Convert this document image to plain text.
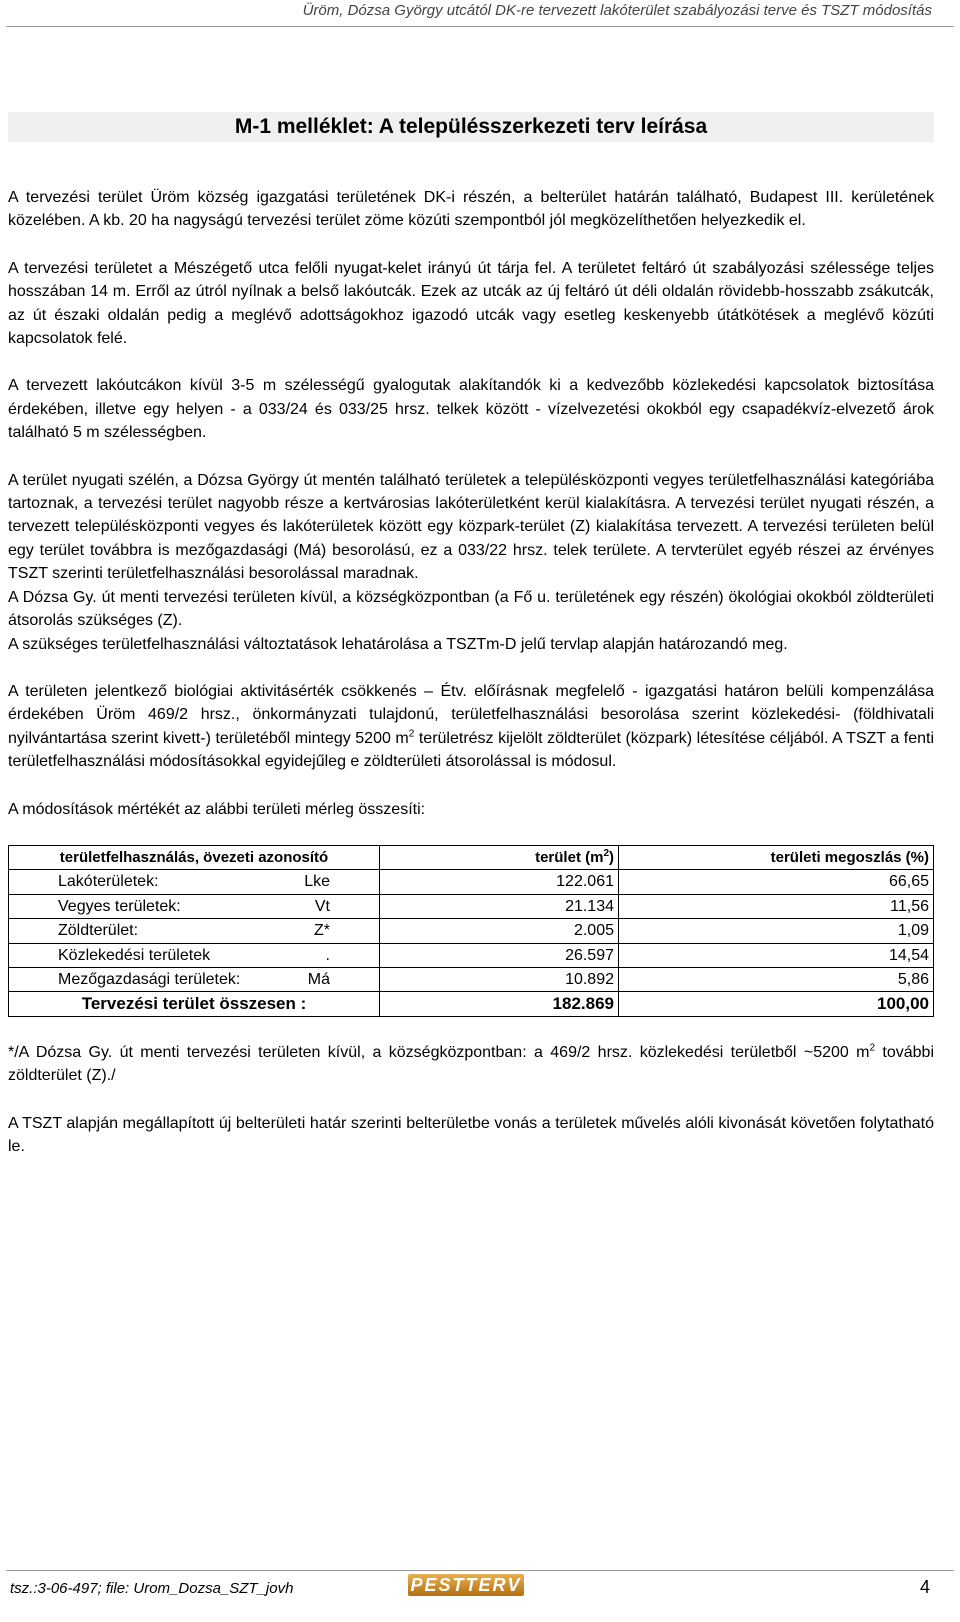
Üröm, Dózsa György utcától DK-re tervezett lakóterület szabályozási terve és TSZT módosítás
M-1 melléklet: A településszerkezeti terv leírása

A tervezési terület Üröm község igazgatási területének DK-i részén, a belterület határán található, Budapest III. kerületének közelében. A kb. 20 ha nagyságú tervezési terület zöme közúti szempontból jól megközelíthetően helyezkedik el.

A tervezési területet a Mészégető utca felőli nyugat-kelet irányú út tárja fel. A területet feltáró út szabályozási szélessége teljes hosszában 14 m. Erről az útról nyílnak a belső lakóutcák. Ezek az utcák az új feltáró út déli oldalán rövidebb-hosszabb zsákutcák, az út északi oldalán pedig a meglévő adottságokhoz igazodó utcák vagy esetleg keskenyebb útátkötések a meglévő közúti kapcsolatok felé.

A tervezett lakóutcákon kívül 3-5 m szélességű gyalogutak alakítandók ki a kedvezőbb közlekedési kapcsolatok biztosítása érdekében, illetve egy helyen - a 033/24 és 033/25 hrsz. telkek között - vízelvezetési okokból egy csapadékvíz-elvezető árok található 5 m szélességben.

A terület nyugati szélén, a Dózsa György út mentén található területek a településközponti vegyes területfelhasználási kategóriába tartoznak, a tervezési terület nagyobb része a kertvárosias lakóterületként kerül kialakításra. A tervezési terület nyugati részén, a tervezett településközponti vegyes és lakóterületek között egy közpark-terület (Z) kialakítása tervezett. A tervezési területen belül egy terület továbbra is mezőgazdasági (Má) besorolású, ez a 033/22 hrsz. telek területe. A tervterület egyéb részei az érvényes TSZT szerinti területfelhasználási besorolással maradnak.

A Dózsa Gy. út menti tervezési területen kívül, a községközpontban (a Fő u. területének egy részén) ökológiai okokból zöldterületi átsorolás szükséges (Z).

A szükséges területfelhasználási változtatások lehatárolása a TSZTm-D jelű tervlap alapján határozandó meg.

A területen jelentkező biológiai aktivitásérték csökkenés – Étv. előírásnak megfelelő - igazgatási határon belüli kompenzálása érdekében Üröm 469/2 hrsz., önkormányzati tulajdonú, területfelhasználási besorolása szerint közlekedési- (földhivatali nyilvántartása szerint kivett-) területéből mintegy 5200 $m^2$ területrész kijelölt zöldterület (közpark) létesítése céljából. A TSZT a fenti területfelhasználási módosításokkal egyidejűleg e zöldterületi átsorolással is módosul.

A módosítások mértékét az alábbi területi mérleg összesíti:

területfelhasználás, övezeti azonosító	terület $(m^2)$	területi megoszlás (%)
Lakóterületek: Lke	122.061	66,65
Vegyes területek: Vt	21.134	11,56
Zöldterület: Z*	2.005	1,09
Közlekedési területek .	26.597	14,54
Mezőgazdasági területek: Má	10.892	5,86
Tervezési terület összesen :	182.869	100,00

*/A Dózsa Gy. út menti tervezési területen kívül, a községközpontban: a 469/2 hrsz. közlekedési területből ~5200 $m^2$ további zöldterület (Z)./

A TSZT alapján megállapított új belterületi határ szerinti belterületbe vonás a területek művelés alóli kivonását követően folytatható le.

tsz.:3-06-497; file: Urom_Dozsa_SZT_jovh	PESTTERV	4
